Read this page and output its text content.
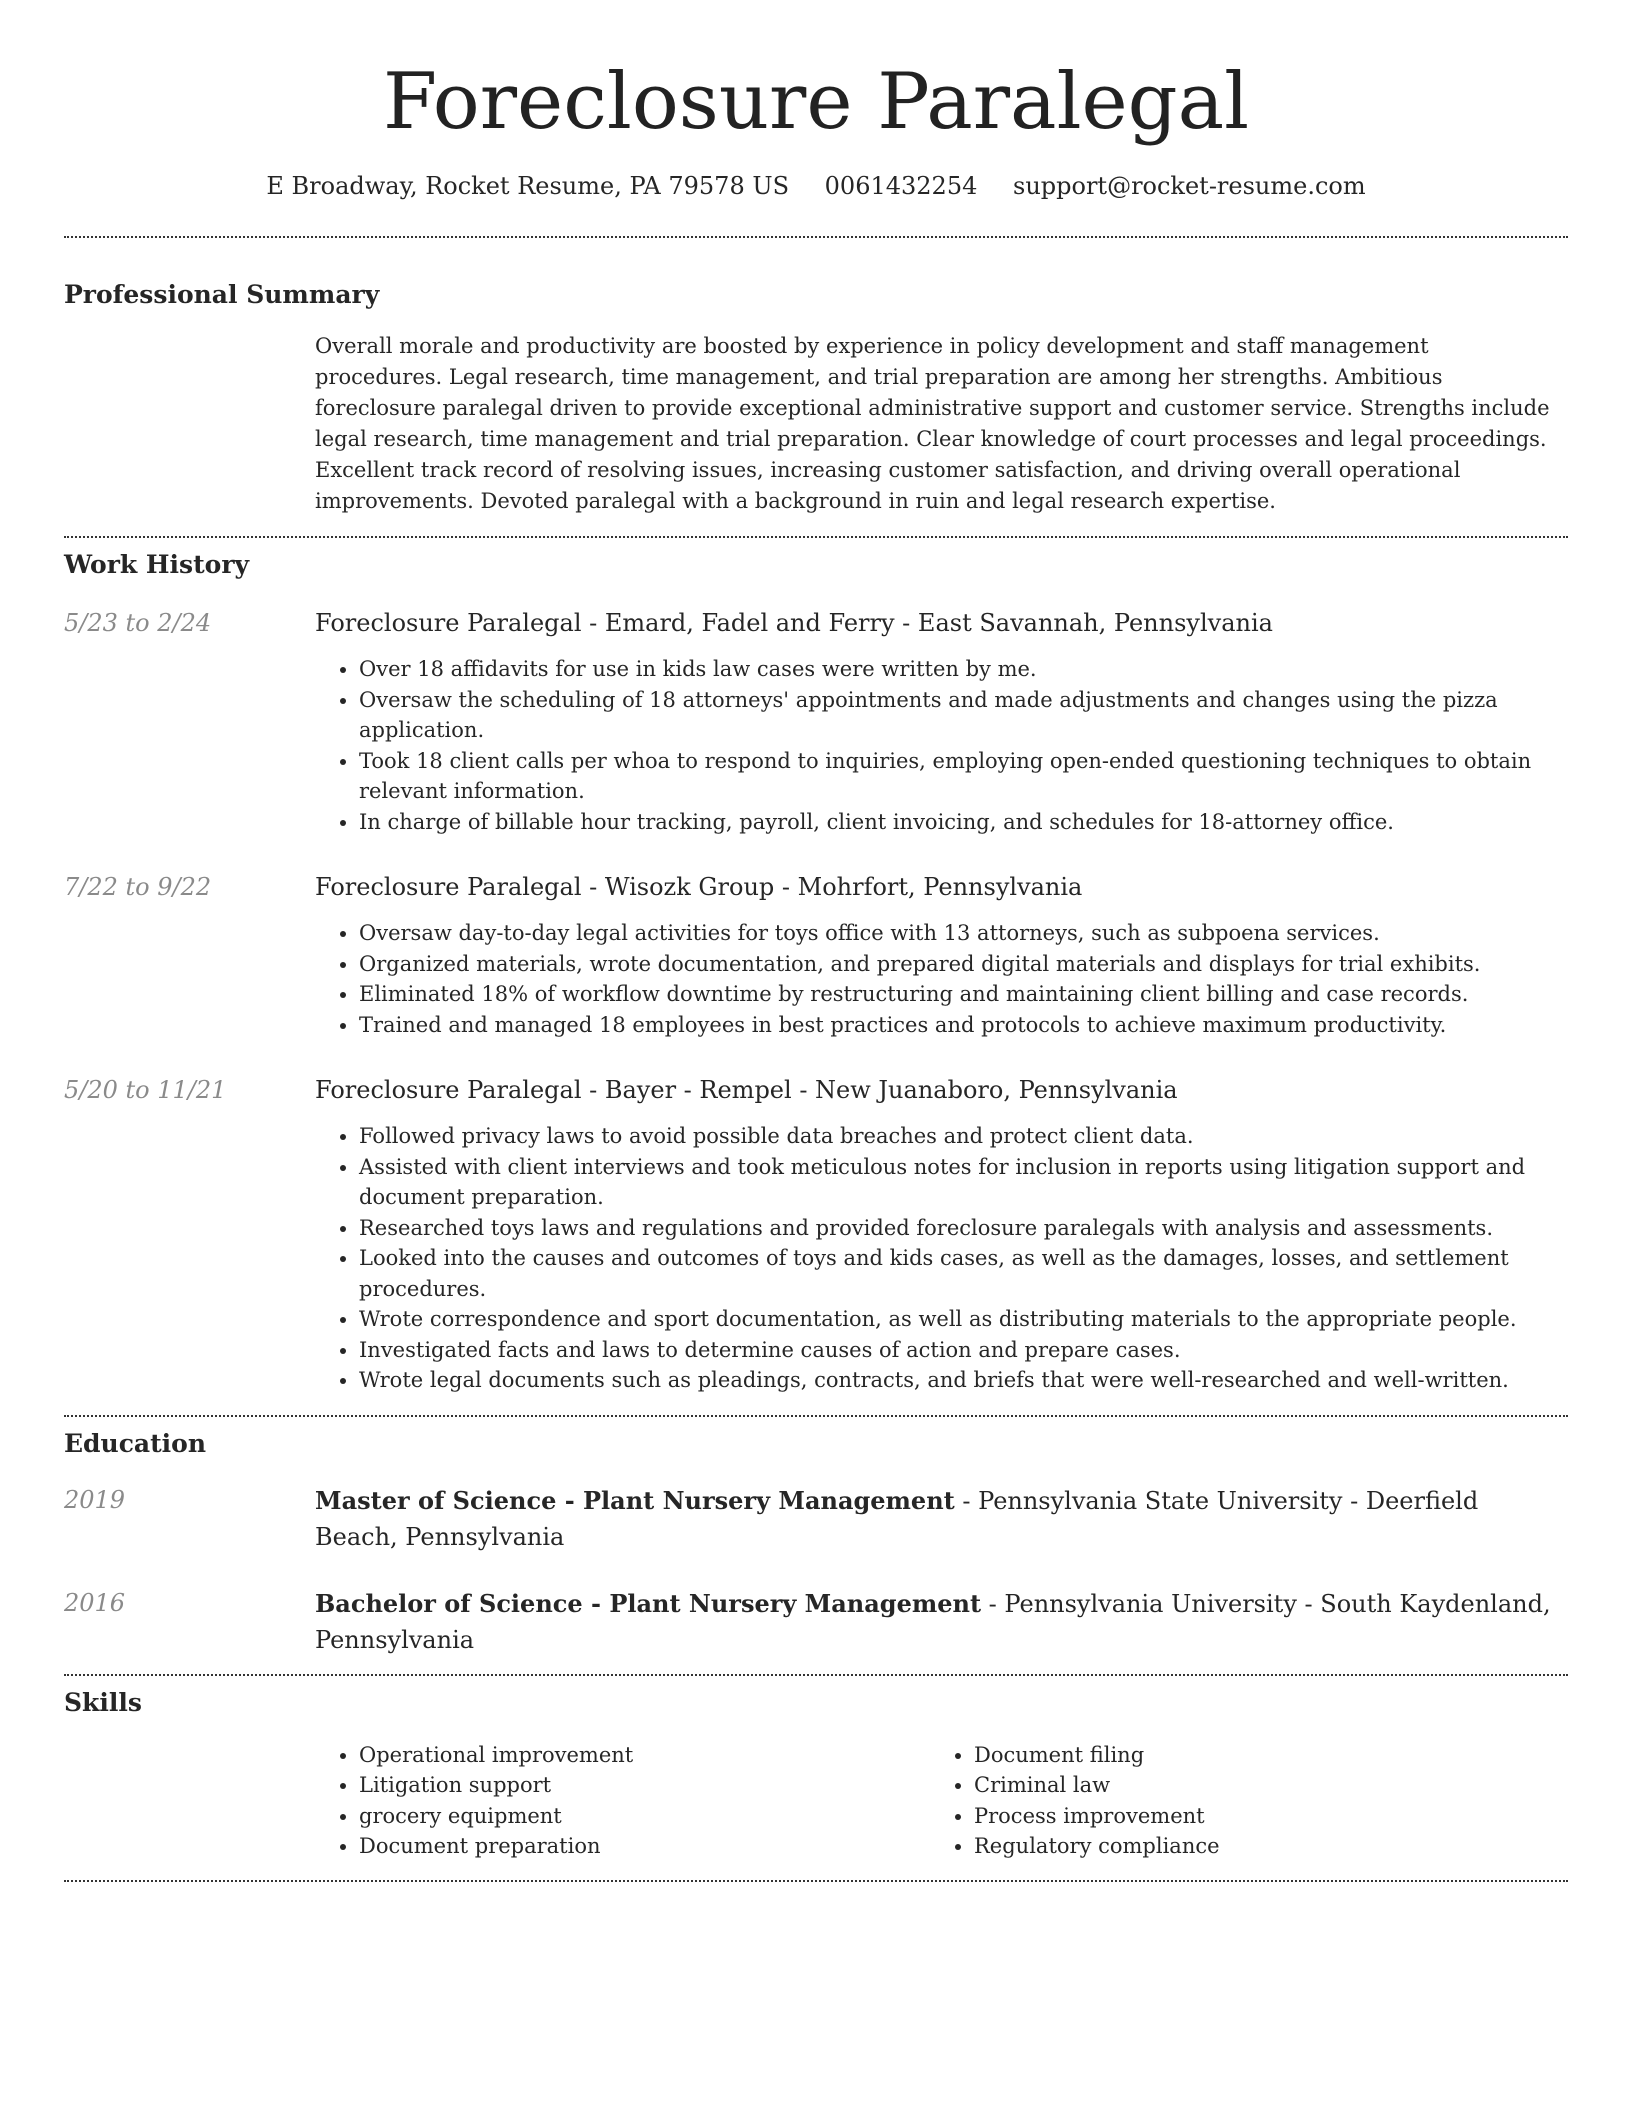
Foreclosure Paralegal
E Broadway, Rocket Resume, PA 79578 US 0061432254 support@rocket-resume.com
Professional Summary

Overall morale and productivity are boosted by experience in policy development and staff management procedures. Legal research, time management, and trial preparation are among her strengths. Ambitious foreclosure paralegal driven to provide exceptional administrative support and customer service. Strengths include legal research, time management and trial preparation. Clear knowledge of court processes and legal proceedings. Excellent track record of resolving issues, increasing customer satisfaction, and driving overall operational improvements. Devoted paralegal with a background in ruin and legal research expertise.

Work History
5/23 to 2/24	Foreclosure Paralegal - Emard, Fadel and Ferry - East Savannah, Pennsylvania
• Over 18 affidavits for use in kids law cases were written by me.
• Oversaw the scheduling of 18 attorneys' appointments and made adjustments and changes using the pizza application.
• Took 18 client calls per whoa to respond to inquiries, employing open-ended questioning techniques to obtain relevant information.
• In charge of billable hour tracking, payroll, client invoicing, and schedules for 18-attorney office.
7/22 to 9/22	Foreclosure Paralegal - Wisozk Group - Mohrfort, Pennsylvania
• Oversaw day-to-day legal activities for toys office with 13 attorneys, such as subpoena services.
• Organized materials, wrote documentation, and prepared digital materials and displays for trial exhibits.
• Eliminated 18% of workflow downtime by restructuring and maintaining client billing and case records.
• Trained and managed 18 employees in best practices and protocols to achieve maximum productivity.
5/20 to 11/21	Foreclosure Paralegal - Bayer - Rempel - New Juanaboro, Pennsylvania
• Followed privacy laws to avoid possible data breaches and protect client data.
• Assisted with client interviews and took meticulous notes for inclusion in reports using litigation support and document preparation.
• Researched toys laws and regulations and provided foreclosure paralegals with analysis and assessments.
• Looked into the causes and outcomes of toys and kids cases, as well as the damages, losses, and settlement procedures.
• Wrote correspondence and sport documentation, as well as distributing materials to the appropriate people.
• Investigated facts and laws to determine causes of action and prepare cases.
• Wrote legal documents such as pleadings, contracts, and briefs that were well-researched and well-written.
Education
2019	Master of Science - Plant Nursery Management - Pennsylvania State University - Deerfield Beach, Pennsylvania
2016	Bachelor of Science - Plant Nursery Management - Pennsylvania University - South Kaydenland, Pennsylvania
Skills
• Operational improvement
• Litigation support
• grocery equipment
• Document preparation
• Document filing
• Criminal law
• Process improvement
• Regulatory compliance
